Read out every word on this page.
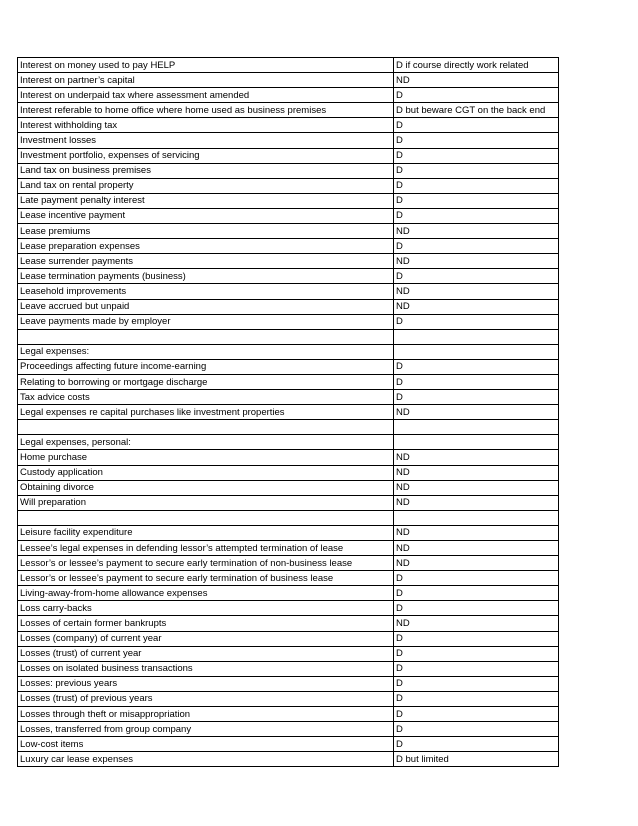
Interest on money used to pay HELP	D if course directly work related
Interest on partner’s capital	ND
Interest on underpaid tax where assessment amended	D
Interest referable to home office where home used as business premises	D but beware CGT on the back end
Interest withholding tax	D
Investment losses	D
Investment portfolio, expenses of servicing	D
Land tax on business premises	D
Land tax on rental property	D
Late payment penalty interest	D
Lease incentive payment	D
Lease premiums	ND
Lease preparation expenses	D
Lease surrender payments	ND
Lease termination payments (business)	D
Leasehold improvements	ND
Leave accrued but unpaid	ND
Leave payments made by employer	D

Legal expenses:	
Proceedings affecting future income-earning	D
Relating to borrowing or mortgage discharge	D
Tax advice costs	D
Legal expenses re capital purchases like investment properties	ND

Legal expenses, personal:	
Home purchase	ND
Custody application	ND
Obtaining divorce	ND
Will preparation	ND

Leisure facility expenditure	ND
Lessee’s legal expenses in defending lessor’s attempted termination of lease	ND
Lessor’s or lessee’s payment to secure early termination of non-business lease	ND
Lessor’s or lessee’s payment to secure early termination of business lease	D
Living-away-from-home allowance expenses	D
Loss carry-backs	D
Losses of certain former bankrupts	ND
Losses (company) of current year	D
Losses (trust) of current year	D
Losses on isolated business transactions	D
Losses: previous years	D
Losses (trust) of previous years	D
Losses through theft or misappropriation	D
Losses, transferred from group company	D
Low-cost items	D
Luxury car lease expenses	D but limited
